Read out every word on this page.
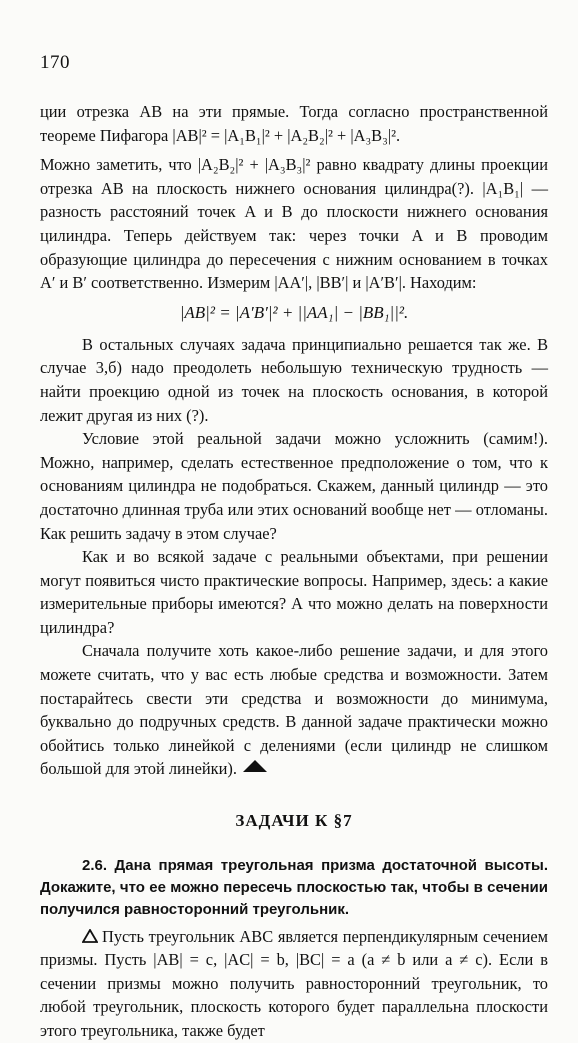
170

ции отрезка AB на эти прямые. Тогда согласно пространственной теореме Пифагора |AB|² = |A₁B₁|² + |A₂B₂|² + |A₃B₃|².

Можно заметить, что |A₂B₂|² + |A₃B₃|² равно квадрату длины проекции отрезка AB на плоскость нижнего основания цилиндра(?). |A₁B₁| — разность расстояний точек A и B до плоскости нижнего основания цилиндра. Теперь действуем так: через точки A и B проводим образующие цилиндра до пересечения с нижним основанием в точках A′ и B′ соответственно. Измерим |AA′|, |BB′| и |A′B′|. Находим:

|AB|² = |A′B′|² + ||AA₁| − |BB₁||².

В остальных случаях задача принципиально решается так же. В случае 3,б) надо преодолеть небольшую техническую трудность — найти проекцию одной из точек на плоскость основания, в которой лежит другая из них (?).

Условие этой реальной задачи можно усложнить (самим!). Можно, например, сделать естественное предположение о том, что к основаниям цилиндра не подобраться. Скажем, данный цилиндр — это достаточно длинная труба или этих оснований вообще нет — отломаны. Как решить задачу в этом случае?

Как и во всякой задаче с реальными объектами, при решении могут появиться чисто практические вопросы. Например, здесь: а какие измерительные приборы имеются? А что можно делать на поверхности цилиндра?

Сначала получите хоть какое-либо решение задачи, и для этого можете считать, что у вас есть любые средства и возможности. Затем постарайтесь свести эти средства и возможности до минимума, буквально до подручных средств. В данной задаче практически можно обойтись только линейкой с делениями (если цилиндр не слишком большой для этой линейки).

ЗАДАЧИ К §7

2.6. Дана прямая треугольная призма достаточной высоты. Докажите, что ее можно пересечь плоскостью так, чтобы в сечении получился равносторонний треугольник.

Пусть треугольник ABC является перпендикулярным сечением призмы. Пусть |AB| = c, |AC| = b, |BC| = a (a ≠ b или a ≠ c). Если в сечении призмы можно получить равносторонний треугольник, то любой треугольник, плоскость которого будет параллельна плоскости этого треугольника, также будет
